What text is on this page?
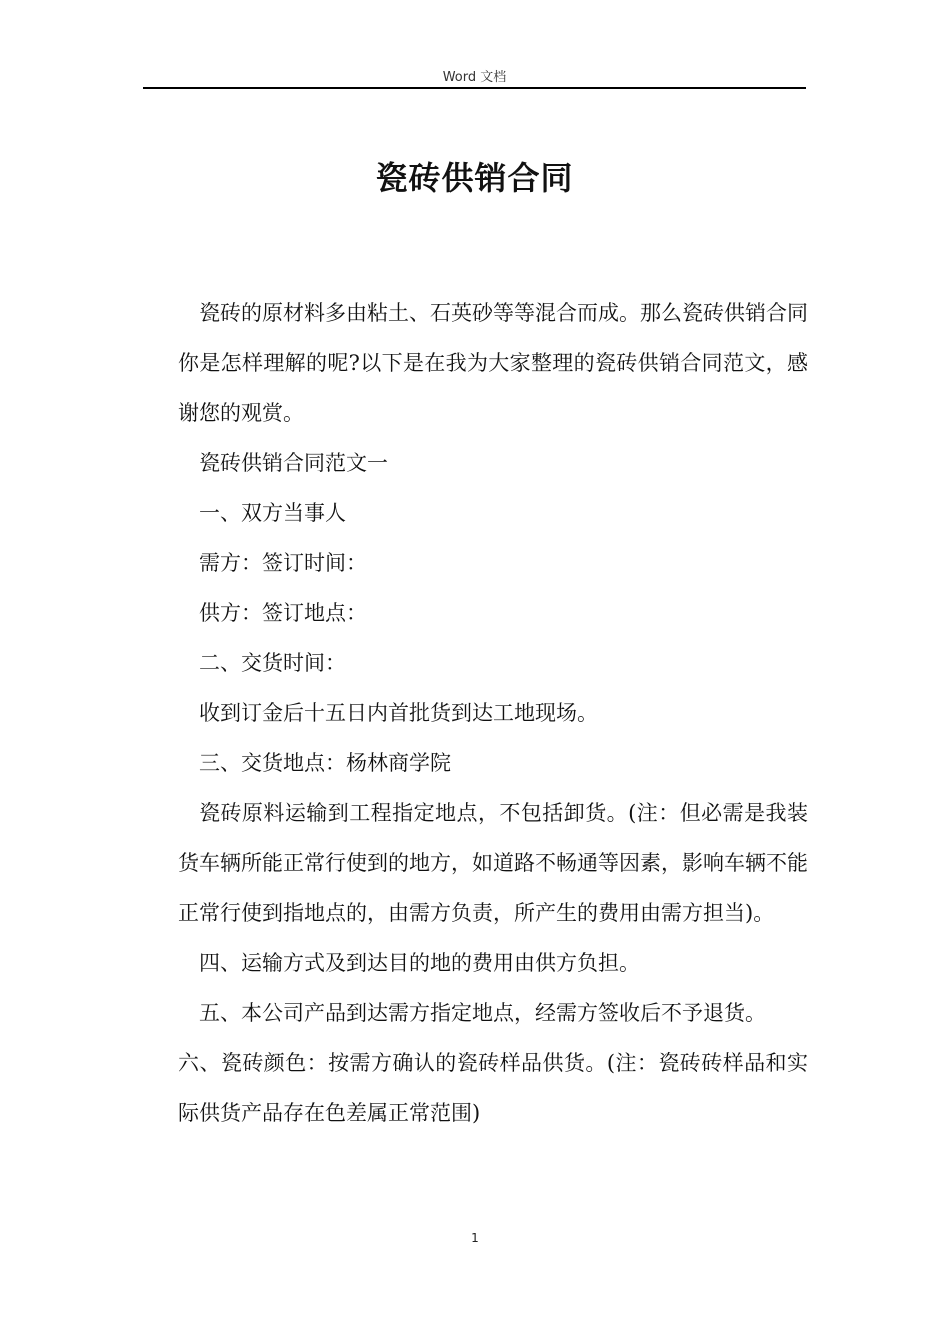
Word 文档
瓷砖供销合同

瓷砖的原材料多由粘土、石英砂等等混合而成。那么瓷砖供销合同你是怎样理解的呢?以下是在我为大家整理的瓷砖供销合同范文，感谢您的观赏。

瓷砖供销合同范文一

一、双方当事人

需方：签订时间：

供方：签订地点：

二、交货时间：

收到订金后十五日内首批货到达工地现场。

三、交货地点：杨林商学院

瓷砖原料运输到工程指定地点，不包括卸货。(注：但必需是我装货车辆所能正常行使到的地方，如道路不畅通等因素，影响车辆不能正常行使到指地点的，由需方负责，所产生的费用由需方担当)。

四、运输方式及到达目的地的费用由供方负担。

五、本公司产品到达需方指定地点，经需方签收后不予退货。

六、瓷砖颜色：按需方确认的瓷砖样品供货。(注：瓷砖砖样品和实际供货产品存在色差属正常范围)

1
